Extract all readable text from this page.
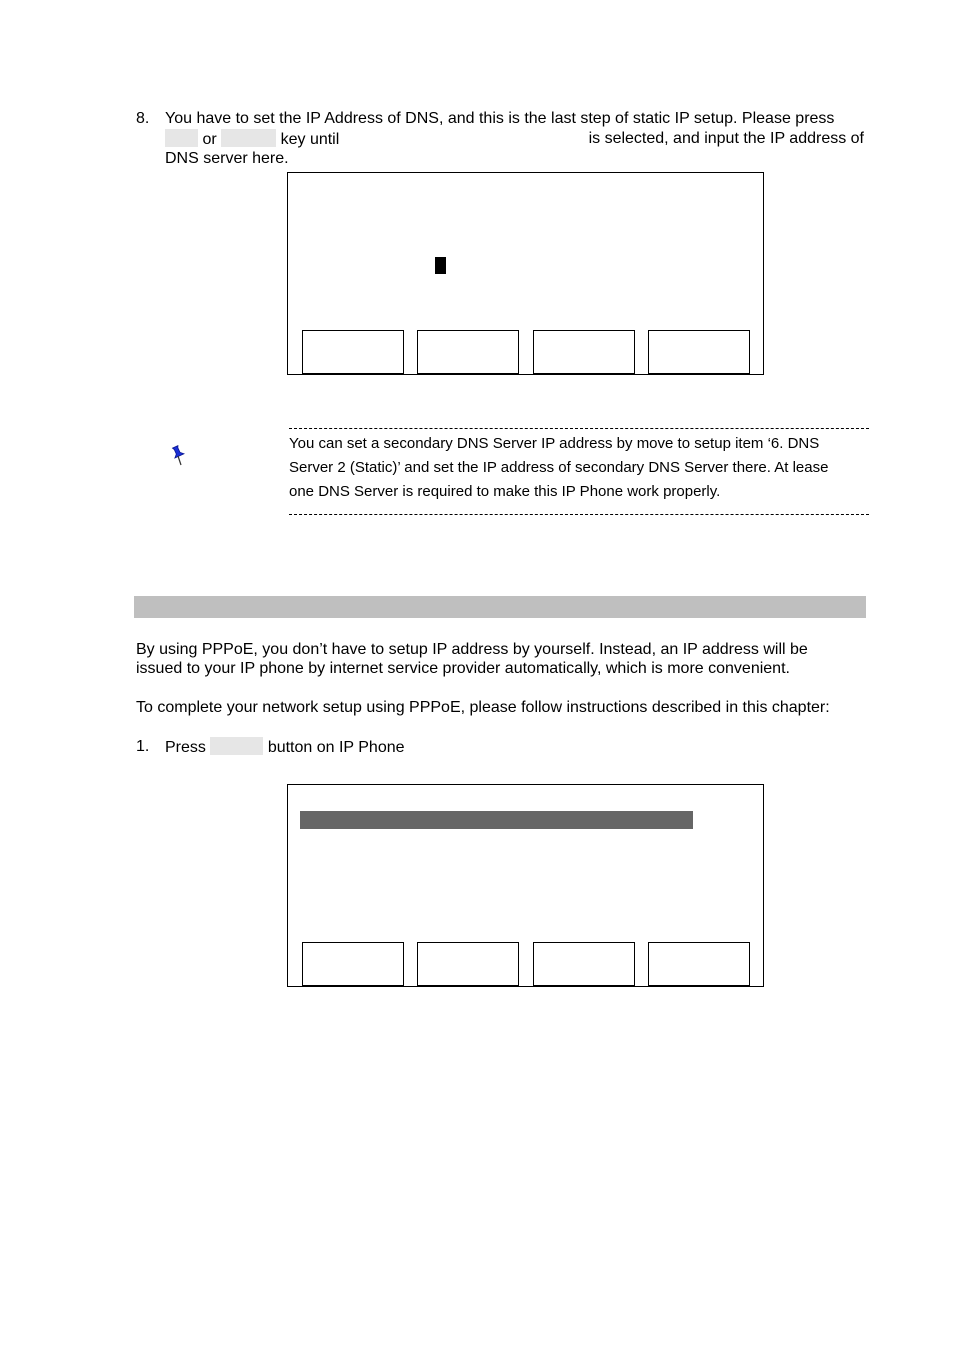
8. You have to set the IP Address of DNS, and this is the last step of static IP setup. Please press
or	key until	is selected, and input the IP address of
DNS server here.
You can set a secondary DNS Server IP address by move to setup item ‘6. DNS
Server 2 (Static)’ and set the IP address of secondary DNS Server there. At lease
one DNS Server is required to make this IP Phone work properly.
By using PPPoE, you don’t have to setup IP address by yourself. Instead, an IP address will be
issued to your IP phone by internet service provider automatically, which is more convenient.
To complete your network setup using PPPoE, please follow instructions described in this chapter:
1. Press	button on IP Phone
